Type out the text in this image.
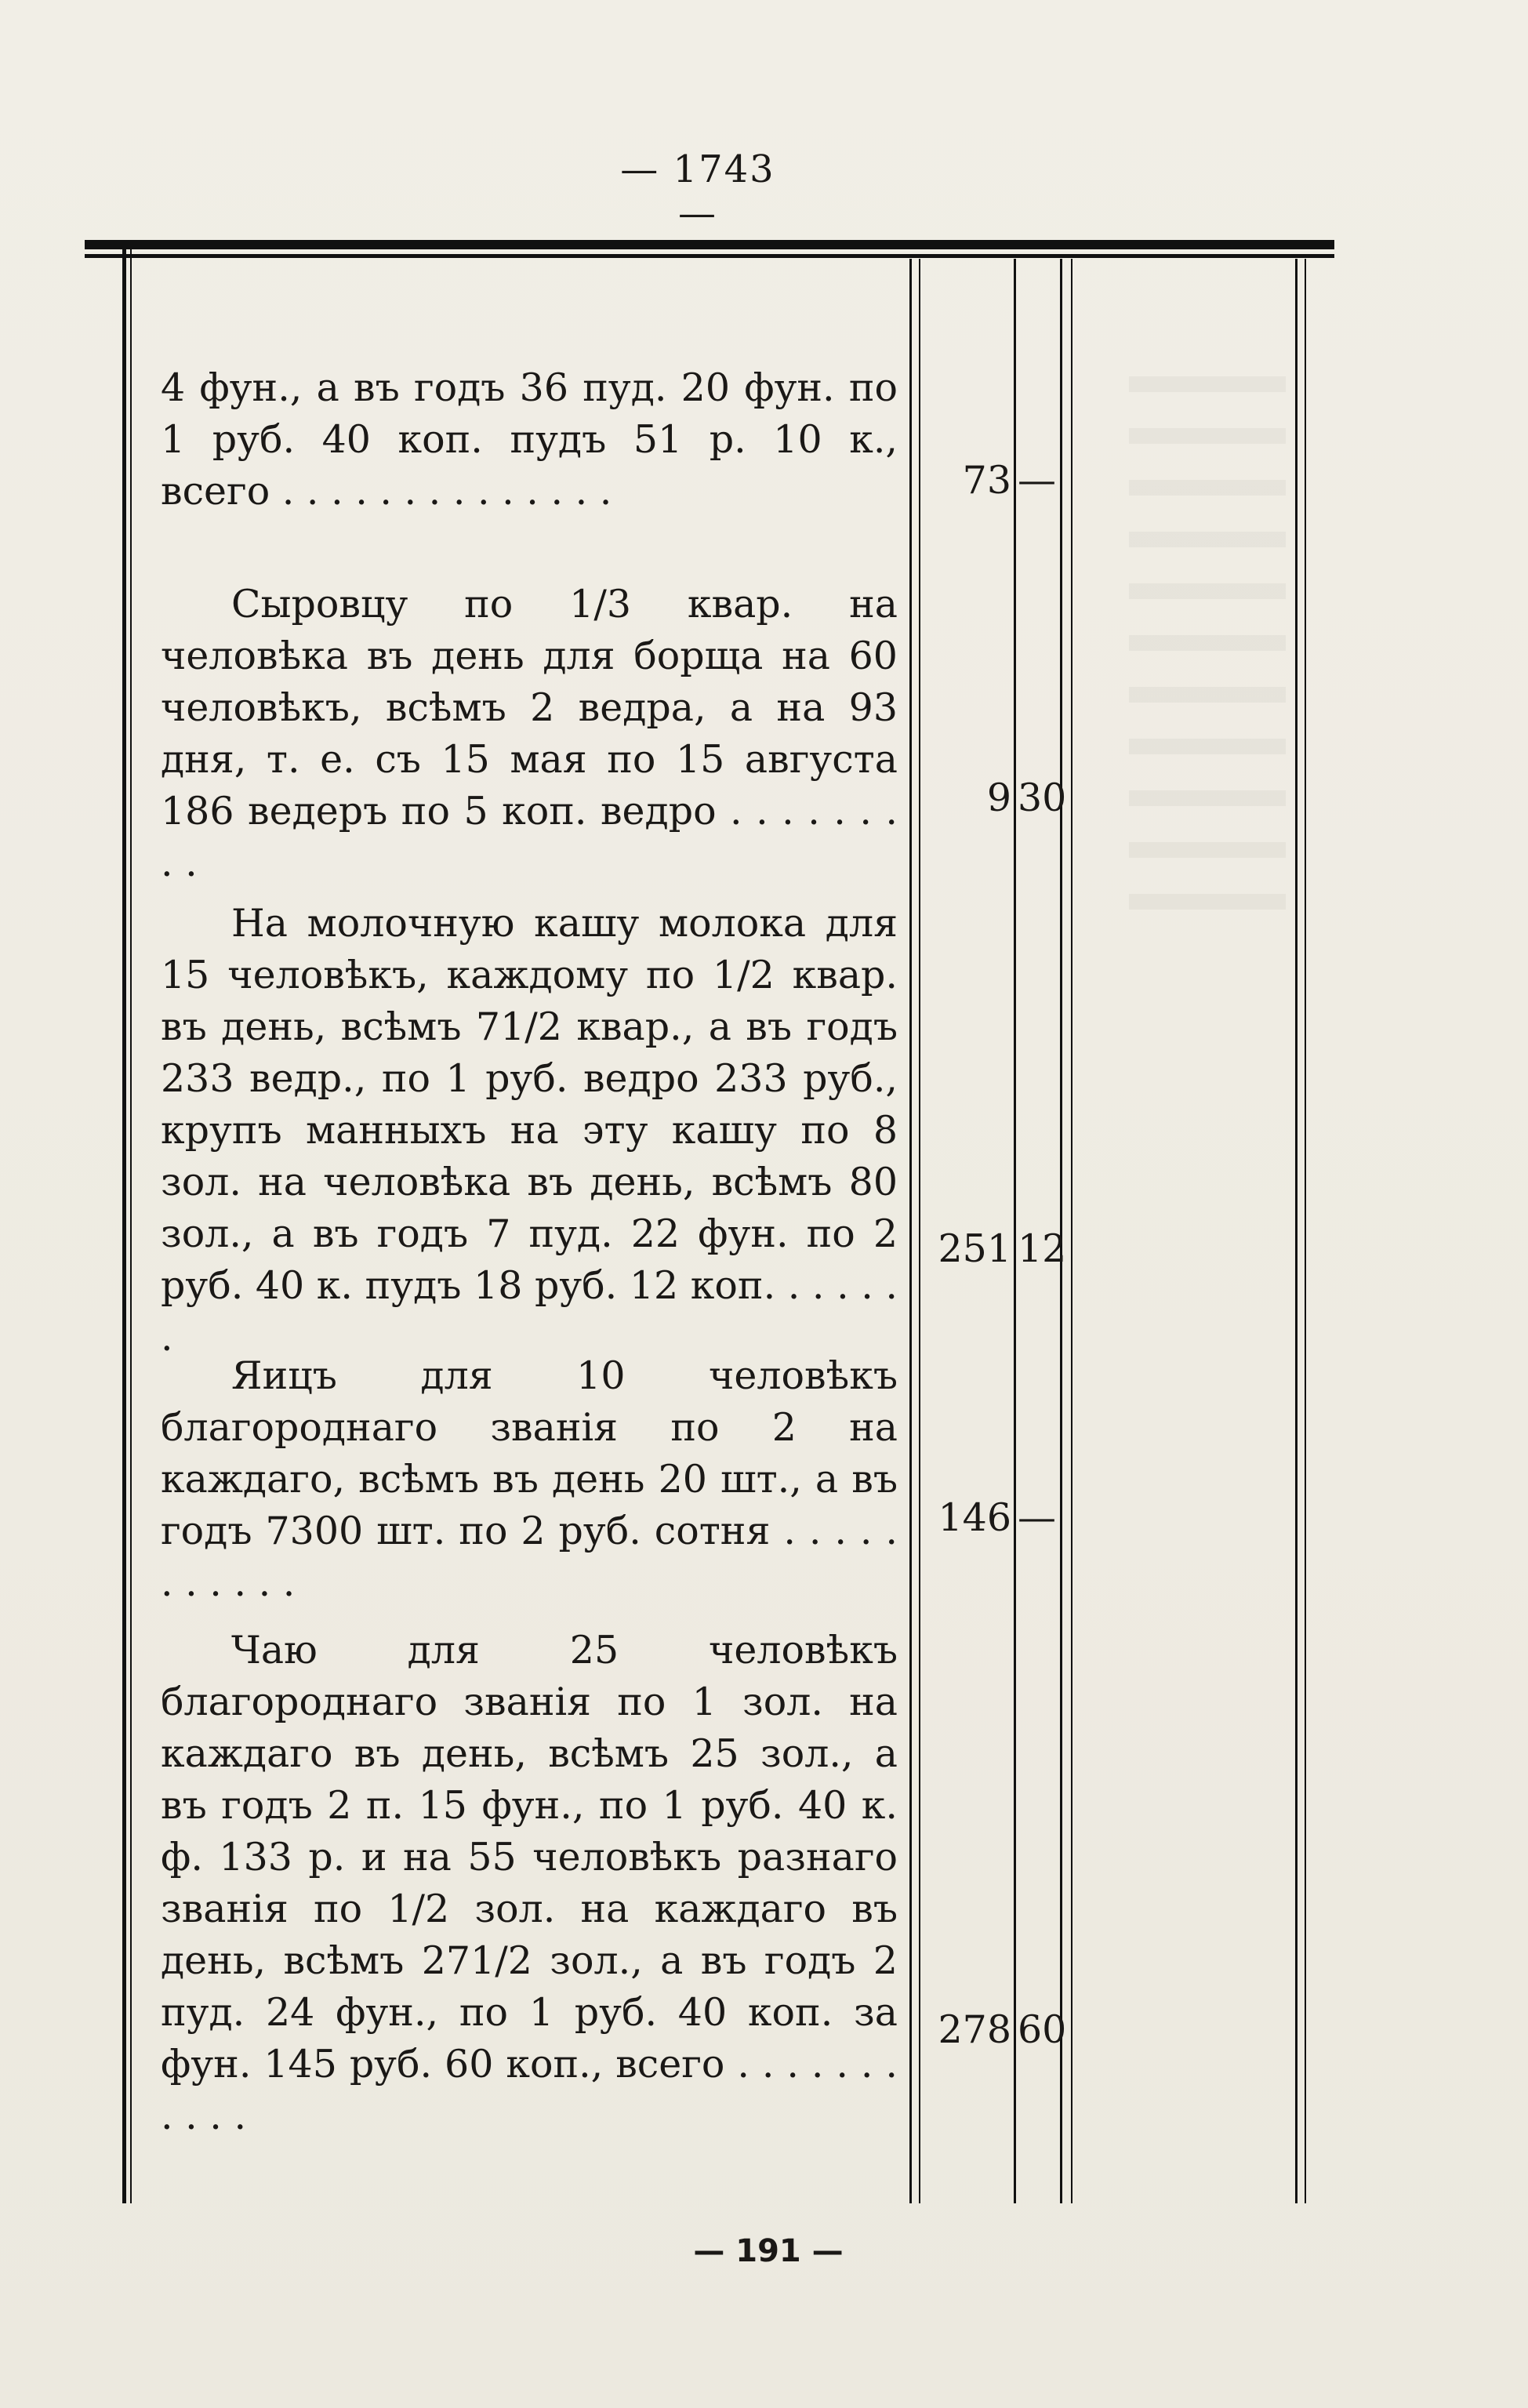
— 1743 —

4 фун., а въ годъ 36 пуд. 20 фун. по 1 руб. 40 коп. пудъ 51 р. 10 к., всего . . . . . . . . . . . . . .	73 —

Сыровцу по 1/3 квар. на человѣка въ день для борща на 60 человѣкъ, всѣмъ 2 ведра, а на 93 дня, т. е. съ 15 мая по 15 августа 186 ведеръ по 5 коп. ведро . . . . . . . . .

9 30

На молочную кашу молока для 15 человѣкъ, каждому по 1/2 квар. въ день, всѣмъ 71/2 квар., а въ годъ 233 ведр., по 1 руб. ведро 233 руб., крупъ манныхъ на эту кашу по 8 зол. на человѣка въ день, всѣмъ 80 зол., а въ годъ 7 пуд. 22 фун. по 2 руб. 40 к. пудъ 18 руб. 12 коп. . . . . . .

251 12

Яицъ для 10 человѣкъ благороднаго званія по 2 на каждаго, всѣмъ въ день 20 шт., а въ годъ 7300 шт. по 2 руб. сотня . . . . . . . . . . .

146 —

Чаю для 25 человѣкъ благороднаго званія по 1 зол. на каждаго въ день, всѣмъ 25 зол., а въ годъ 2 п. 15 фун., по 1 руб. 40 к. ф. 133 р. и на 55 человѣкъ разнаго званія по 1/2 зол. на каждаго въ день, всѣмъ 271/2 зол., а въ годъ 2 пуд. 24 фун., по 1 руб. 40 коп. за фун. 145 руб. 60 коп., всего . . . . . . . . . . .

278 60
— 191 —
